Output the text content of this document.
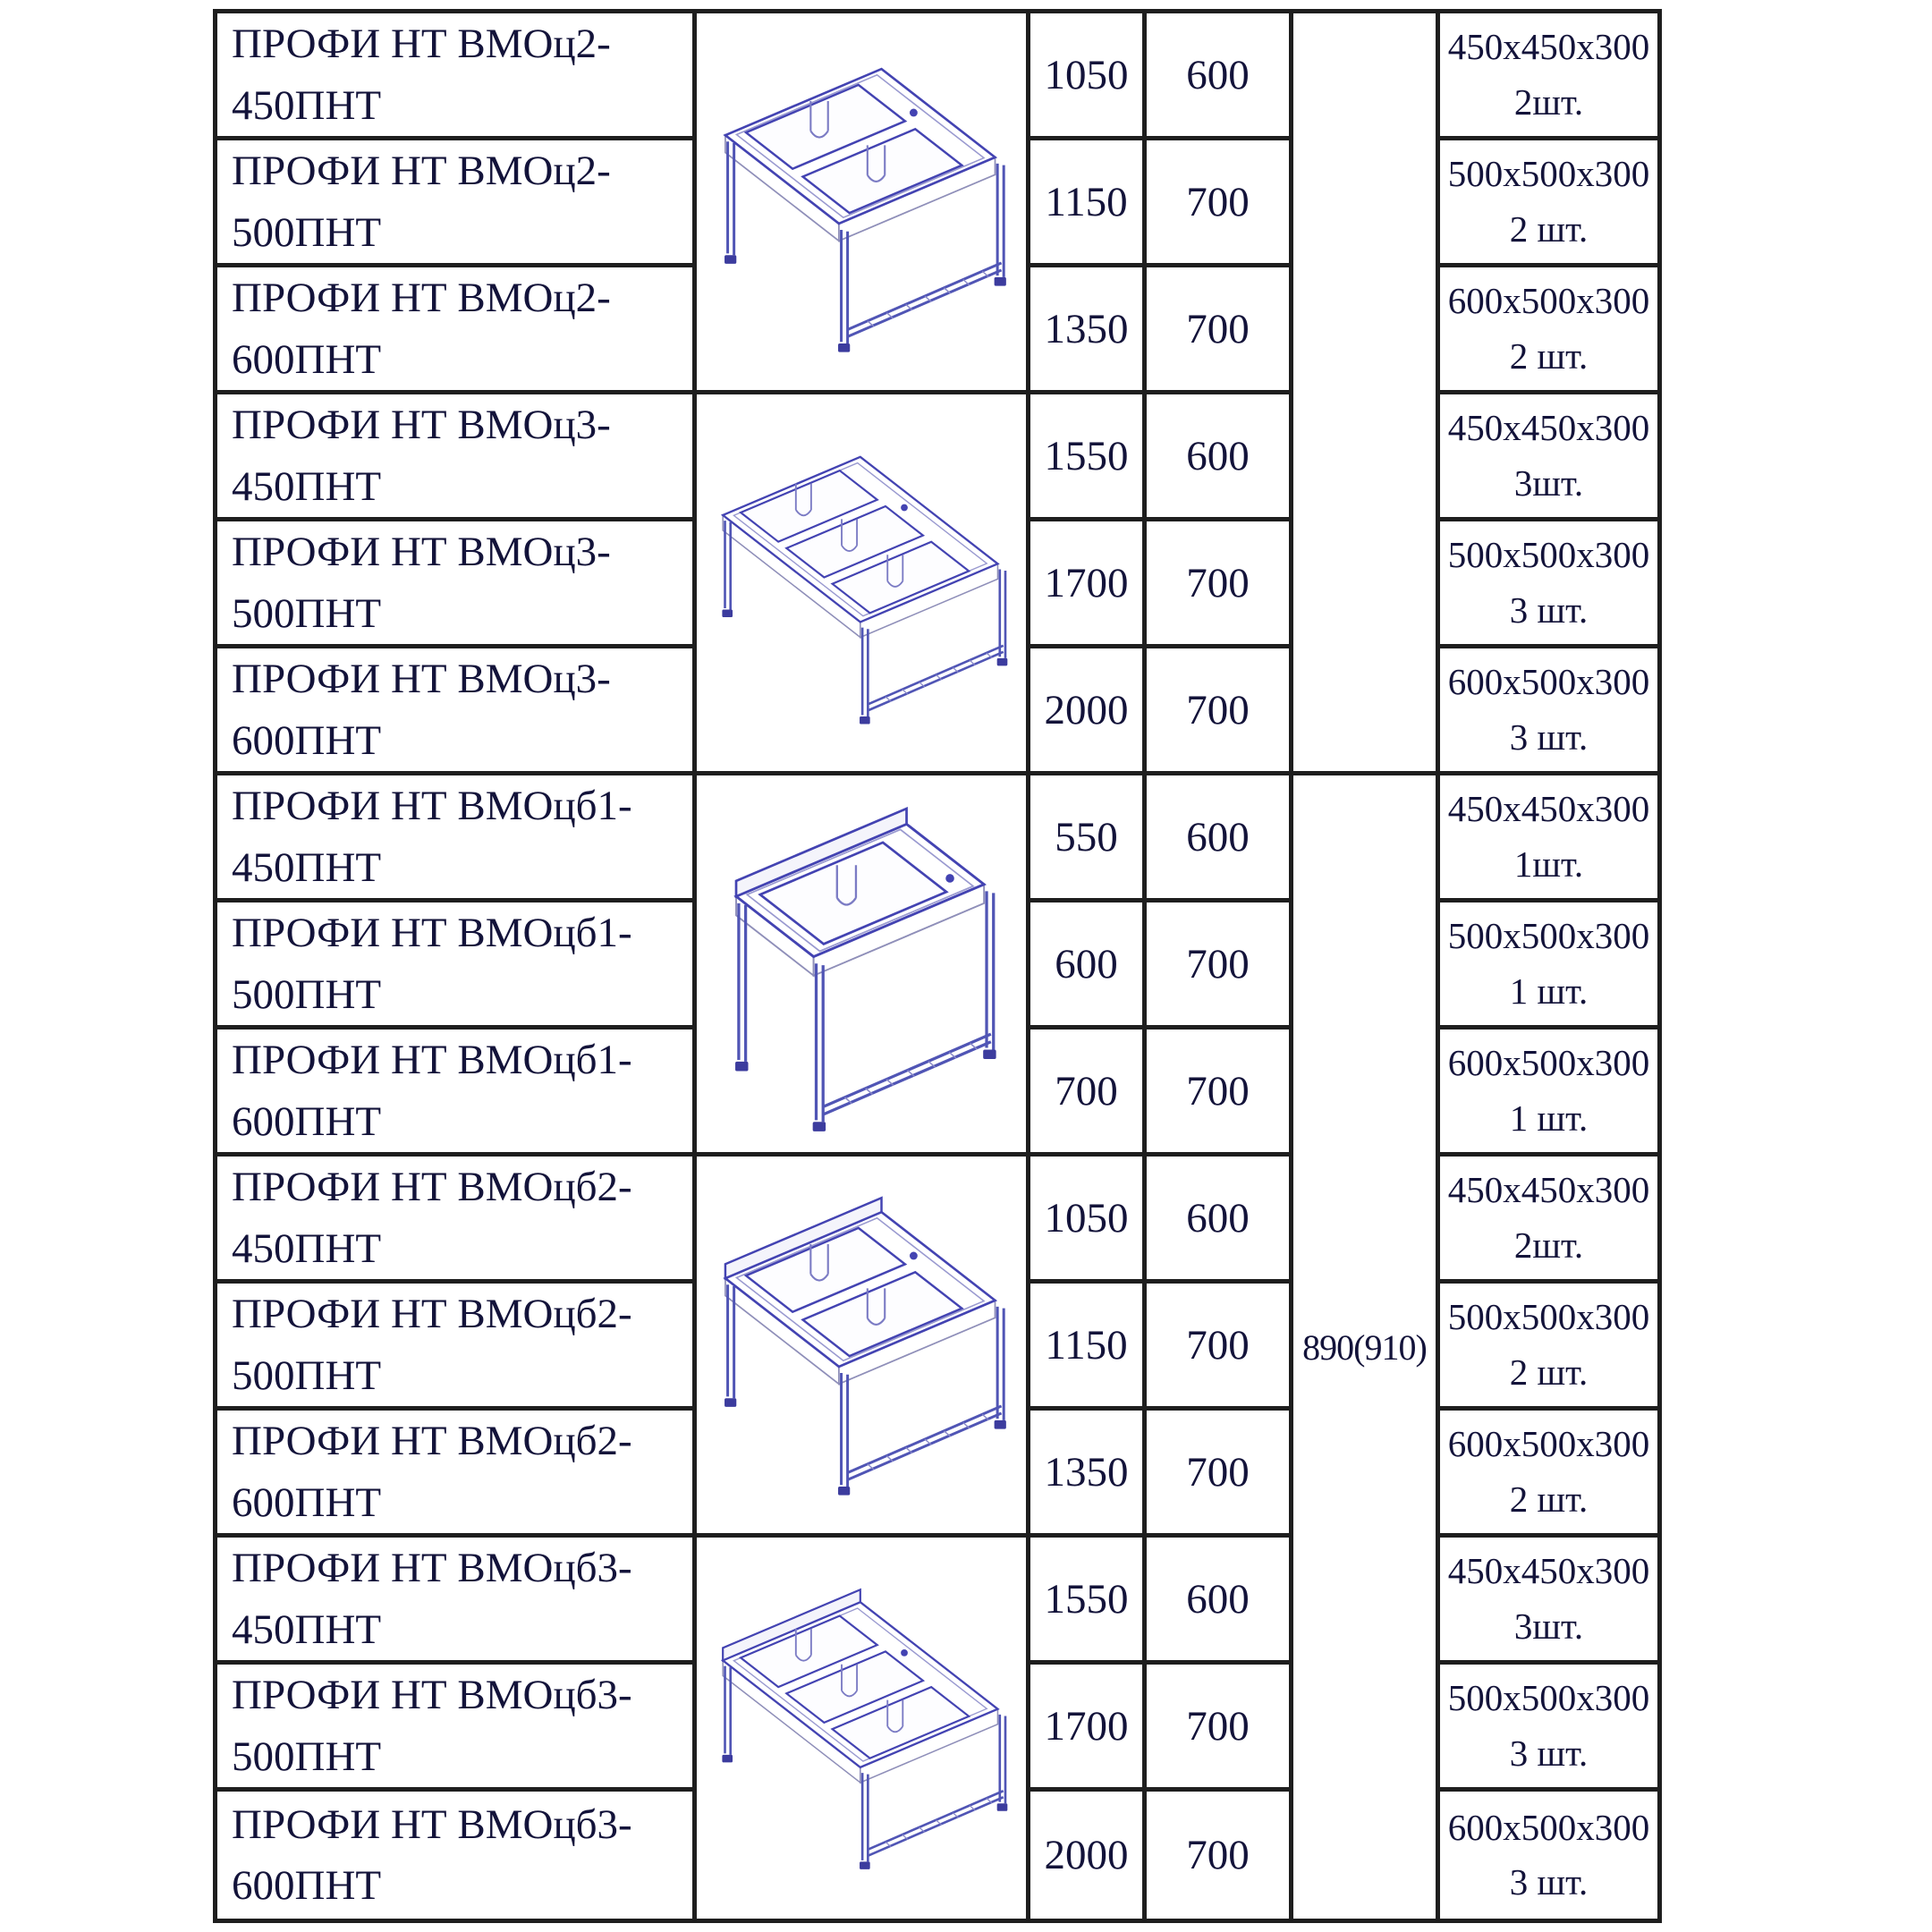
ПРОФИ НТ ВМОц2-450ПНТ
ПРОФИ НТ ВМОц2-500ПНТ
ПРОФИ НТ ВМОц2-600ПНТ
ПРОФИ НТ ВМОц3-450ПНТ
ПРОФИ НТ ВМОц3-500ПНТ
ПРОФИ НТ ВМОц3-600ПНТ
ПРОФИ НТ ВМОцб1-450ПНТ
ПРОФИ НТ ВМОцб1-500ПНТ
ПРОФИ НТ ВМОцб1-600ПНТ
ПРОФИ НТ ВМОцб2-450ПНТ
ПРОФИ НТ ВМОцб2-500ПНТ
ПРОФИ НТ ВМОцб2-600ПНТ
ПРОФИ НТ ВМОцб3-450ПНТ
ПРОФИ НТ ВМОцб3-500ПНТ
ПРОФИ НТ ВМОцб3-600ПНТ
1050
1150
1350
1550
1700
2000
550
600
700
1050
1150
1350
1550
1700
2000
600
700
700
600
700
700
600
700
700
600
700
700
600
700
700
890(910)
450x450x300
2шт.
500x500x300
2 шт.
600x500x300
2 шт.
450x450x300
3шт.
500x500x300
3 шт.
600x500x300
3 шт.
450x450x300
1шт.
500x500x300
1 шт.
600x500x300
1 шт.
450x450x300
2шт.
500x500x300
2 шт.
600x500x300
2 шт.
450x450x300
3шт.
500x500x300
3 шт.
600x500x300
3 шт.
